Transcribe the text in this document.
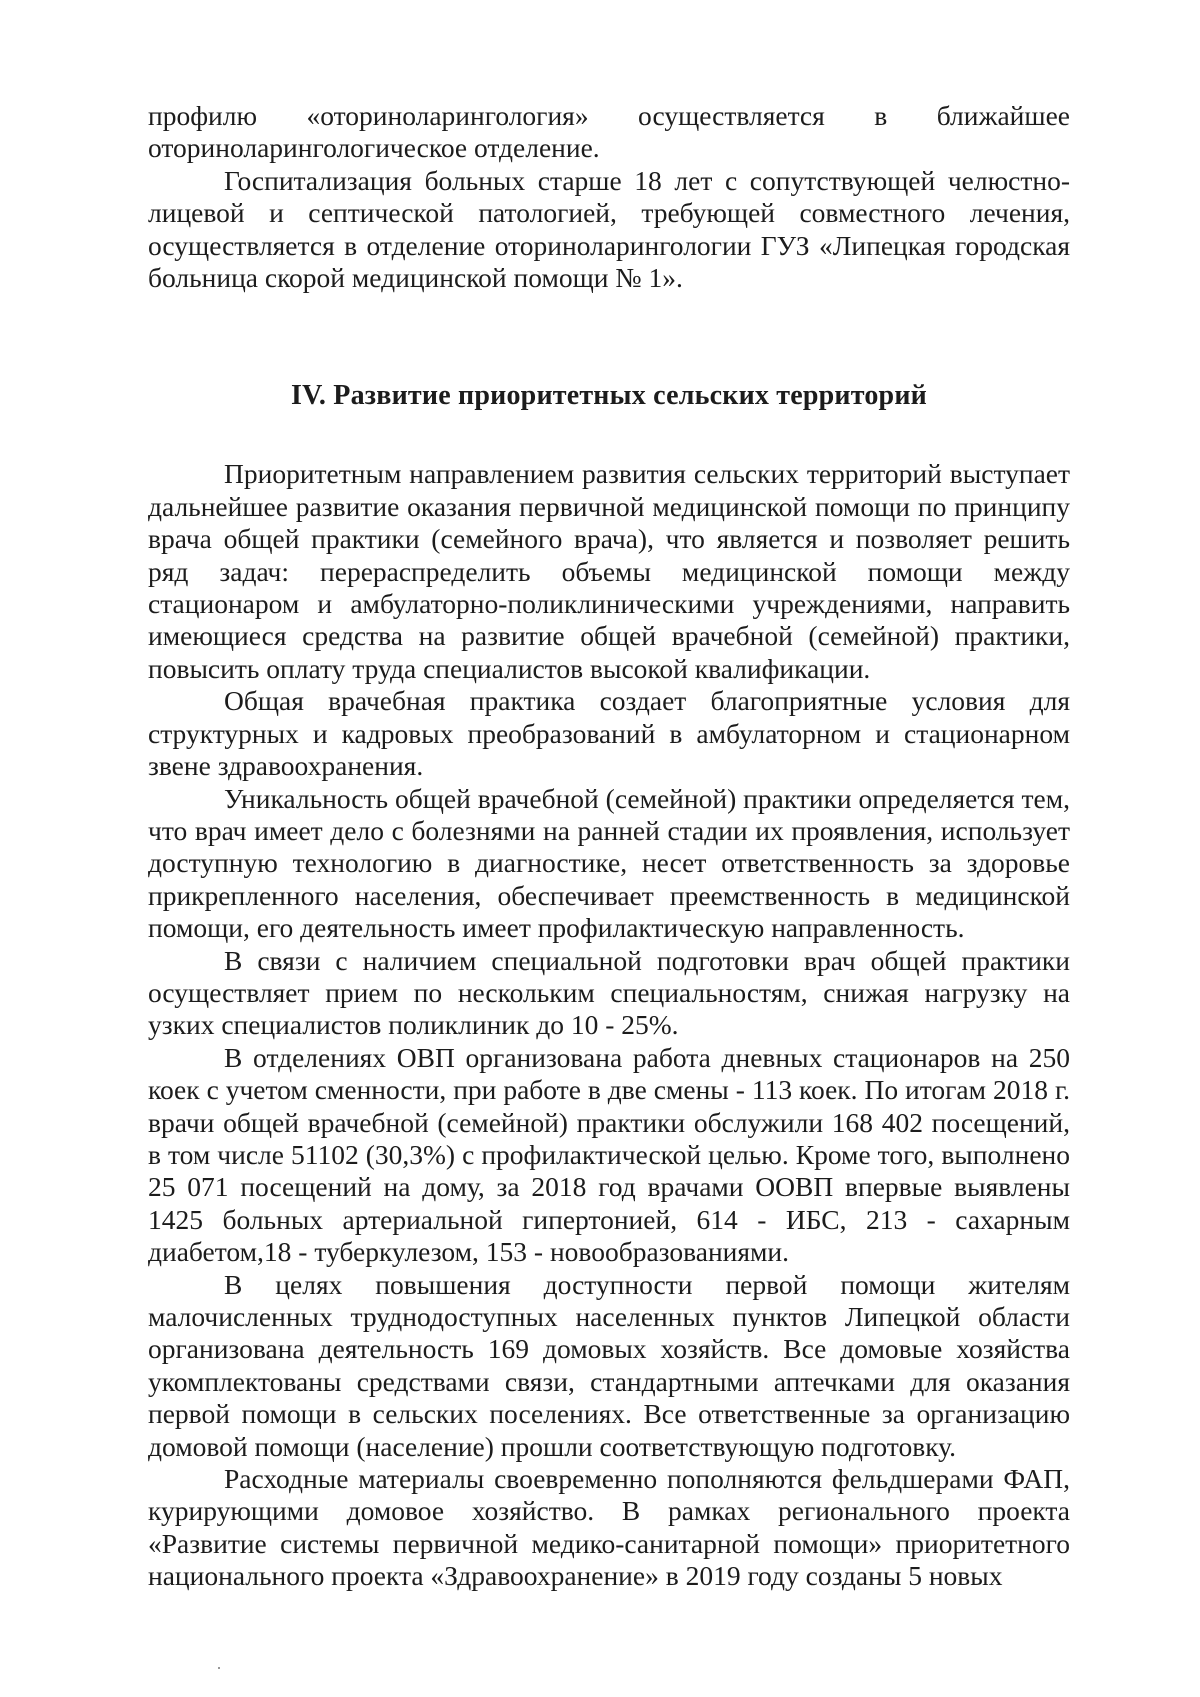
профилю «оториноларингология» осуществляется в ближайшее оториноларингологическое отделение.

Госпитализация больных старше 18 лет с сопутствующей челюстно-лицевой и септической патологией, требующей совместного лечения, осуществляется в отделение оториноларингологии ГУЗ «Липецкая городская больница скорой медицинской помощи № 1».

IV. Развитие приоритетных сельских территорий

Приоритетным направлением развития сельских территорий выступает дальнейшее развитие оказания первичной медицинской помощи по принципу врача общей практики (семейного врача), что является и позволяет решить ряд задач: перераспределить объемы медицинской помощи между стационаром и амбулаторно-поликлиническими учреждениями, направить имеющиеся средства на развитие общей врачебной (семейной) практики, повысить оплату труда специалистов высокой квалификации.

Общая врачебная практика создает благоприятные условия для структурных и кадровых преобразований в амбулаторном и стационарном звене здравоохранения.

Уникальность общей врачебной (семейной) практики определяется тем, что врач имеет дело с болезнями на ранней стадии их проявления, использует доступную технологию в диагностике, несет ответственность за здоровье прикрепленного населения, обеспечивает преемственность в медицинской помощи, его деятельность имеет профилактическую направленность.

В связи с наличием специальной подготовки врач общей практики осуществляет прием по нескольким специальностям, снижая нагрузку на узких специалистов поликлиник до 10 - 25%.

В отделениях ОВП организована работа дневных стационаров на 250 коек с учетом сменности, при работе в две смены - 113 коек. По итогам 2018 г. врачи общей врачебной (семейной) практики обслужили 168 402 посещений, в том числе 51102 (30,3%) с профилактической целью. Кроме того, выполнено 25 071 посещений на дому, за 2018 год врачами ООВП впервые выявлены 1425 больных артериальной гипертонией, 614 - ИБС, 213 - сахарным диабетом,18 - туберкулезом, 153 - новообразованиями.

В целях повышения доступности первой помощи жителям малочисленных труднодоступных населенных пунктов Липецкой области организована деятельность 169 домовых хозяйств. Все домовые хозяйства укомплектованы средствами связи, стандартными аптечками для оказания первой помощи в сельских поселениях. Все ответственные за организацию домовой помощи (население) прошли соответствующую подготовку.

Расходные материалы своевременно пополняются фельдшерами ФАП, курирующими домовое хозяйство. В рамках регионального проекта «Развитие системы первичной медико-санитарной помощи» приоритетного национального проекта «Здравоохранение» в 2019 году созданы 5 новых
